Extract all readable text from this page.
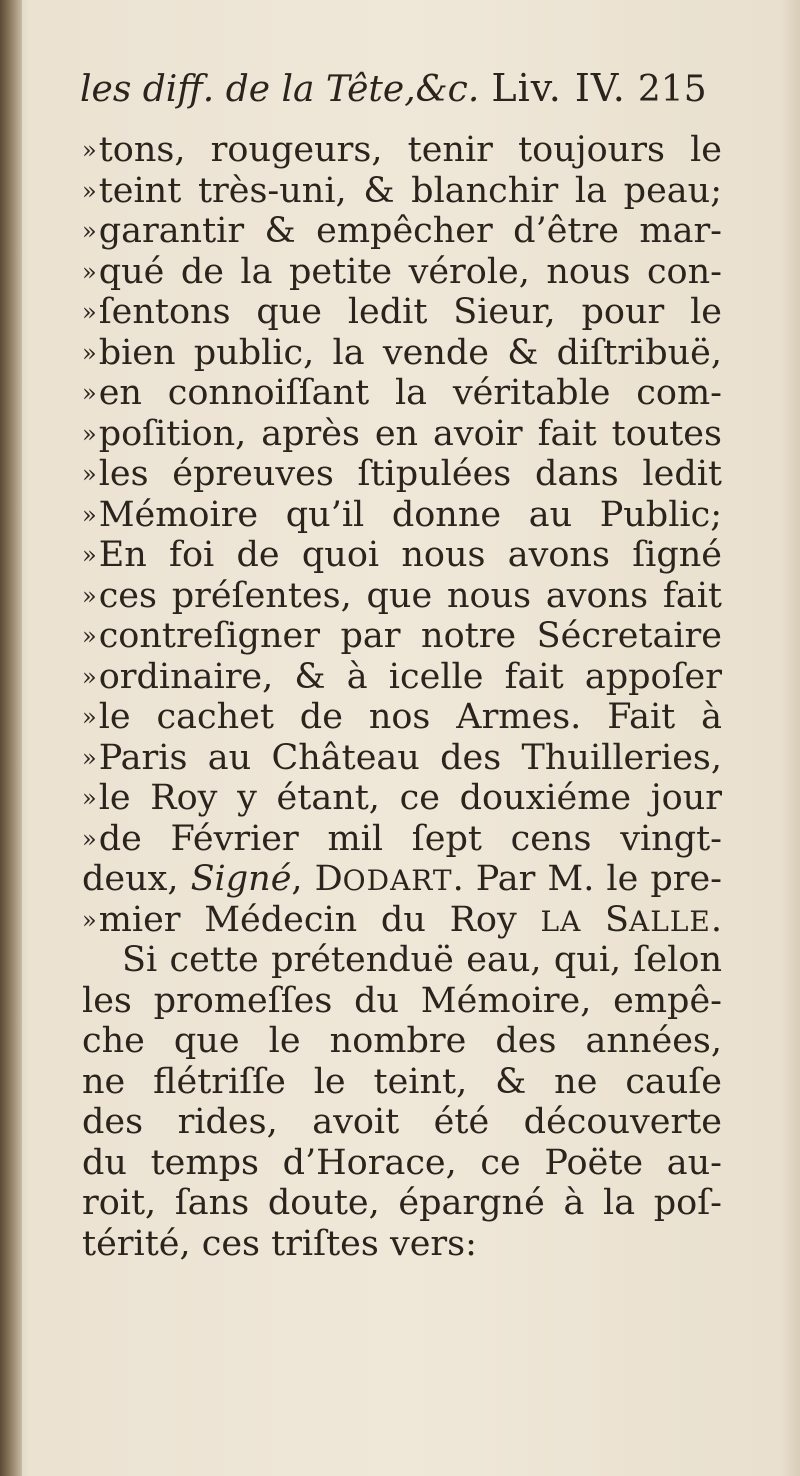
les diff. de la Tête,&c. Liv. IV. 215
»tons, rougeurs, tenir toujours le
»teint très-uni, & blanchir la peau;
»garantir & empêcher d’être mar-
»qué de la petite vérole, nous con-
»ſentons que ledit Sieur, pour le
»bien public, la vende & diſtribuë,
»en connoiſſant la véritable com-
»poſition, après en avoir fait toutes
»les épreuves ſtipulées dans ledit
»Mémoire qu’il donne au Public;
»En foi de quoi nous avons ſigné
»ces préſentes, que nous avons fait
»contreſigner par notre Sécretaire
»ordinaire, & à icelle fait appoſer
»le cachet de nos Armes. Fait à
»Paris au Château des Thuilleries,
»le Roy y étant, ce douxiéme jour
»de Février mil ſept cens vingt-
deux, Signé, DODART. Par M. le pre-
»mier Médecin du Roy LA SALLE.
Si cette prétenduë eau, qui, ſelon
les promeſſes du Mémoire, empê-
che que le nombre des années,
ne flétriſſe le teint, & ne cauſe
des rides, avoit été découverte
du temps d’Horace, ce Poëte au-
roit, ſans doute, épargné à la poſ-
térité, ces triſtes vers:
